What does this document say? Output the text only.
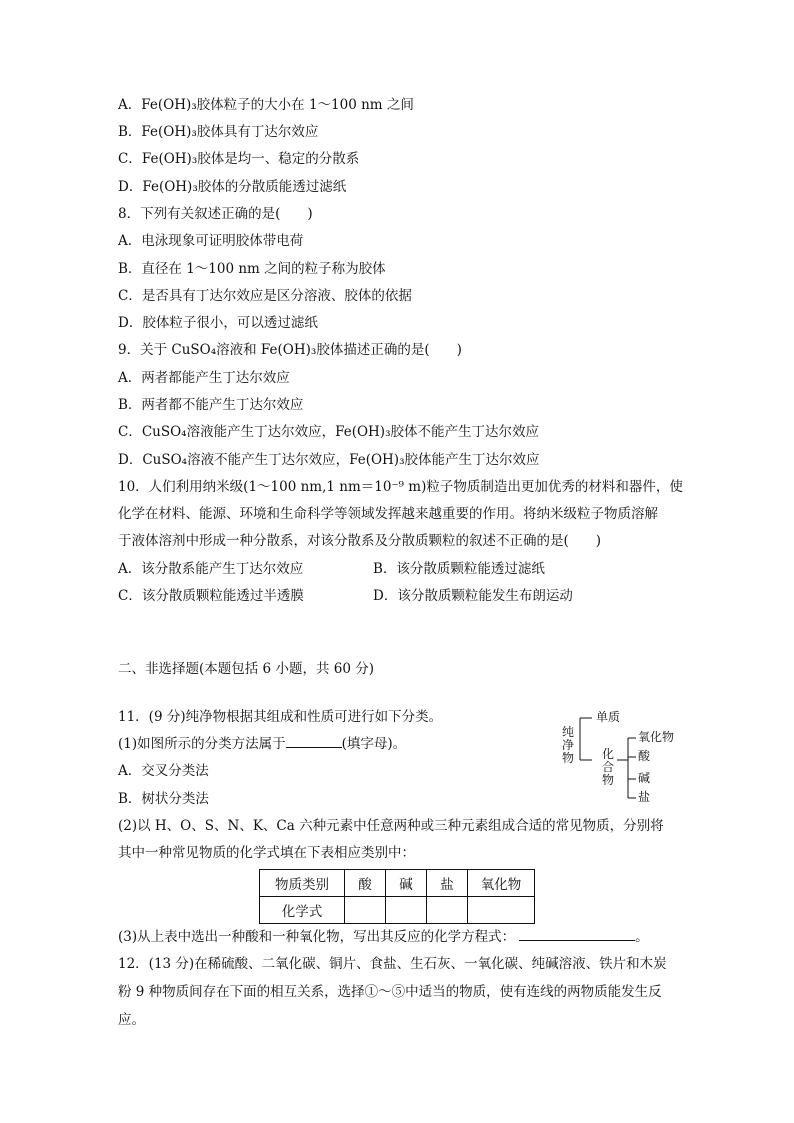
A．Fe(OH)₃胶体粒子的大小在 1～100 nm 之间
B．Fe(OH)₃胶体具有丁达尔效应
C．Fe(OH)₃胶体是均一、稳定的分散系
D．Fe(OH)₃胶体的分散质能透过滤纸
8．下列有关叙述正确的是(　　)
A．电泳现象可证明胶体带电荷
B．直径在 1～100 nm 之间的粒子称为胶体
C．是否具有丁达尔效应是区分溶液、胶体的依据
D．胶体粒子很小，可以透过滤纸
9．关于 CuSO₄溶液和 Fe(OH)₃胶体描述正确的是(　　)
A．两者都能产生丁达尔效应
B．两者都不能产生丁达尔效应
C．CuSO₄溶液能产生丁达尔效应，Fe(OH)₃胶体不能产生丁达尔效应
D．CuSO₄溶液不能产生丁达尔效应，Fe(OH)₃胶体能产生丁达尔效应
10．人们利用纳米级(1～100 nm,1 nm＝10⁻⁹ m)粒子物质制造出更加优秀的材料和器件，使
化学在材料、能源、环境和生命科学等领域发挥越来越重要的作用。将纳米级粒子物质溶解
于液体溶剂中形成一种分散系，对该分散系及分散质颗粒的叙述不正确的是(　　)
A．该分散系能产生丁达尔效应	B．该分散质颗粒能透过滤纸
C．该分散质颗粒能透过半透膜	D．该分散质颗粒能发生布朗运动
二、非选择题(本题包括 6 小题，共 60 分)
11．(9 分)纯净物根据其组成和性质可进行如下分类。
(1)如图所示的分类方法属于	(填字母)。
A．交叉分类法
B．树状分类法
(2)以 H、O、S、N、K、Ca 六种元素中任意两种或三种元素组成合适的常见物质，分别将
其中一种常见物质的化学式填在下表相应类别中：
纯净物
单质
化合物
氧化物
酸
碱
盐
物质类别	酸	碱	盐	氧化物
化学式				
(3)从上表中选出一种酸和一种氧化物，写出其反应的化学方程式：	。
12．(13 分)在稀硫酸、二氧化碳、铜片、食盐、生石灰、一氧化碳、纯碱溶液、铁片和木炭
粉 9 种物质间存在下面的相互关系，选择①～⑤中适当的物质，使有连线的两物质能发生反
应。
